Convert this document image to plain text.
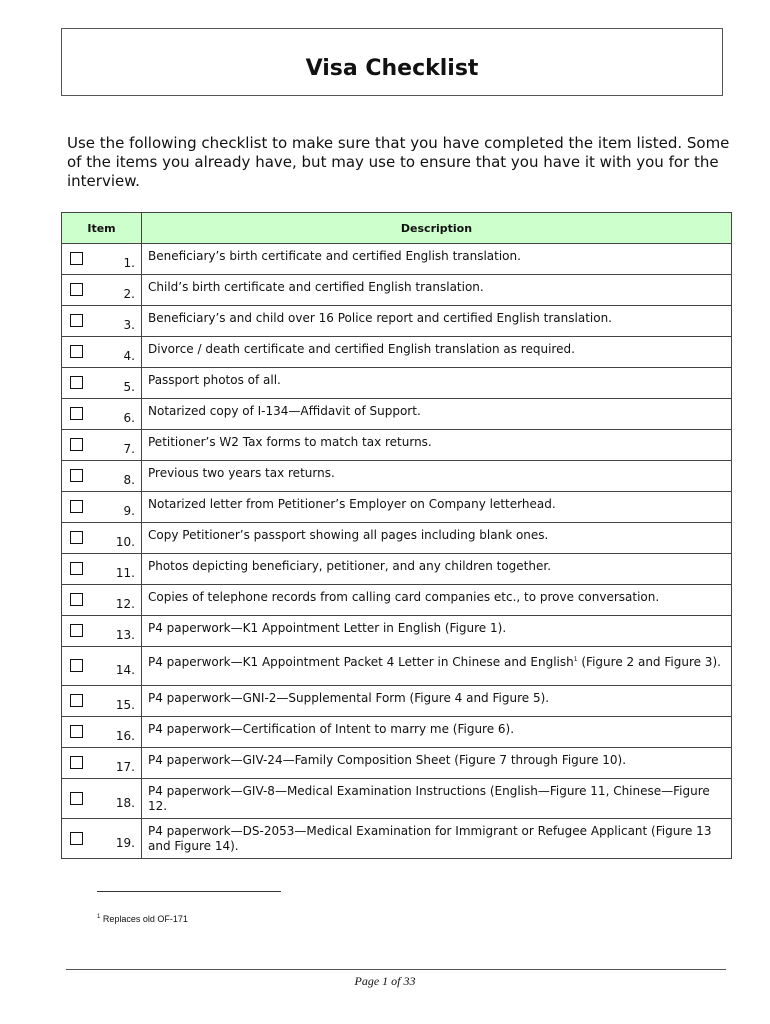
Visa Checklist

Use the following checklist to make sure that you have completed the item listed. Some of the items you already have, but may use to ensure that you have it with you for the interview.

Item	Description

1.	Beneficiary’s birth certificate and certified English translation.

2.	Child’s birth certificate and certified English translation.

3.	Beneficiary’s and child over 16 Police report and certified English translation.

4.	Divorce / death certificate and certified English translation as required.

5.	Passport photos of all.

6.	Notarized copy of I-134—Affidavit of Support.

7.	Petitioner’s W2 Tax forms to match tax returns.

8.	Previous two years tax returns.

9.	Notarized letter from Petitioner’s Employer on Company letterhead.

10.	Copy Petitioner’s passport showing all pages including blank ones.

11.	Photos depicting beneficiary, petitioner, and any children together.

12.	Copies of telephone records from calling card companies etc., to prove conversation.

13.	P4 paperwork—K1 Appointment Letter in English (Figure 1).

14.	P4 paperwork—K1 Appointment Packet 4 Letter in Chinese and English$^1$ (Figure 2 and Figure 3).

15.	P4 paperwork—GNI-2—Supplemental Form (Figure 4 and Figure 5).

16.	P4 paperwork—Certification of Intent to marry me (Figure 6).

17.	P4 paperwork—GIV-24—Family Composition Sheet (Figure 7 through Figure 10).

18.	P4 paperwork—GIV-8—Medical Examination Instructions (English—Figure 11, Chinese—Figure 12.

19.	P4 paperwork—DS-2053—Medical Examination for Immigrant or Refugee Applicant (Figure 13 and Figure 14).
$^1$ Replaces old OF-171
Page 1 of 33
